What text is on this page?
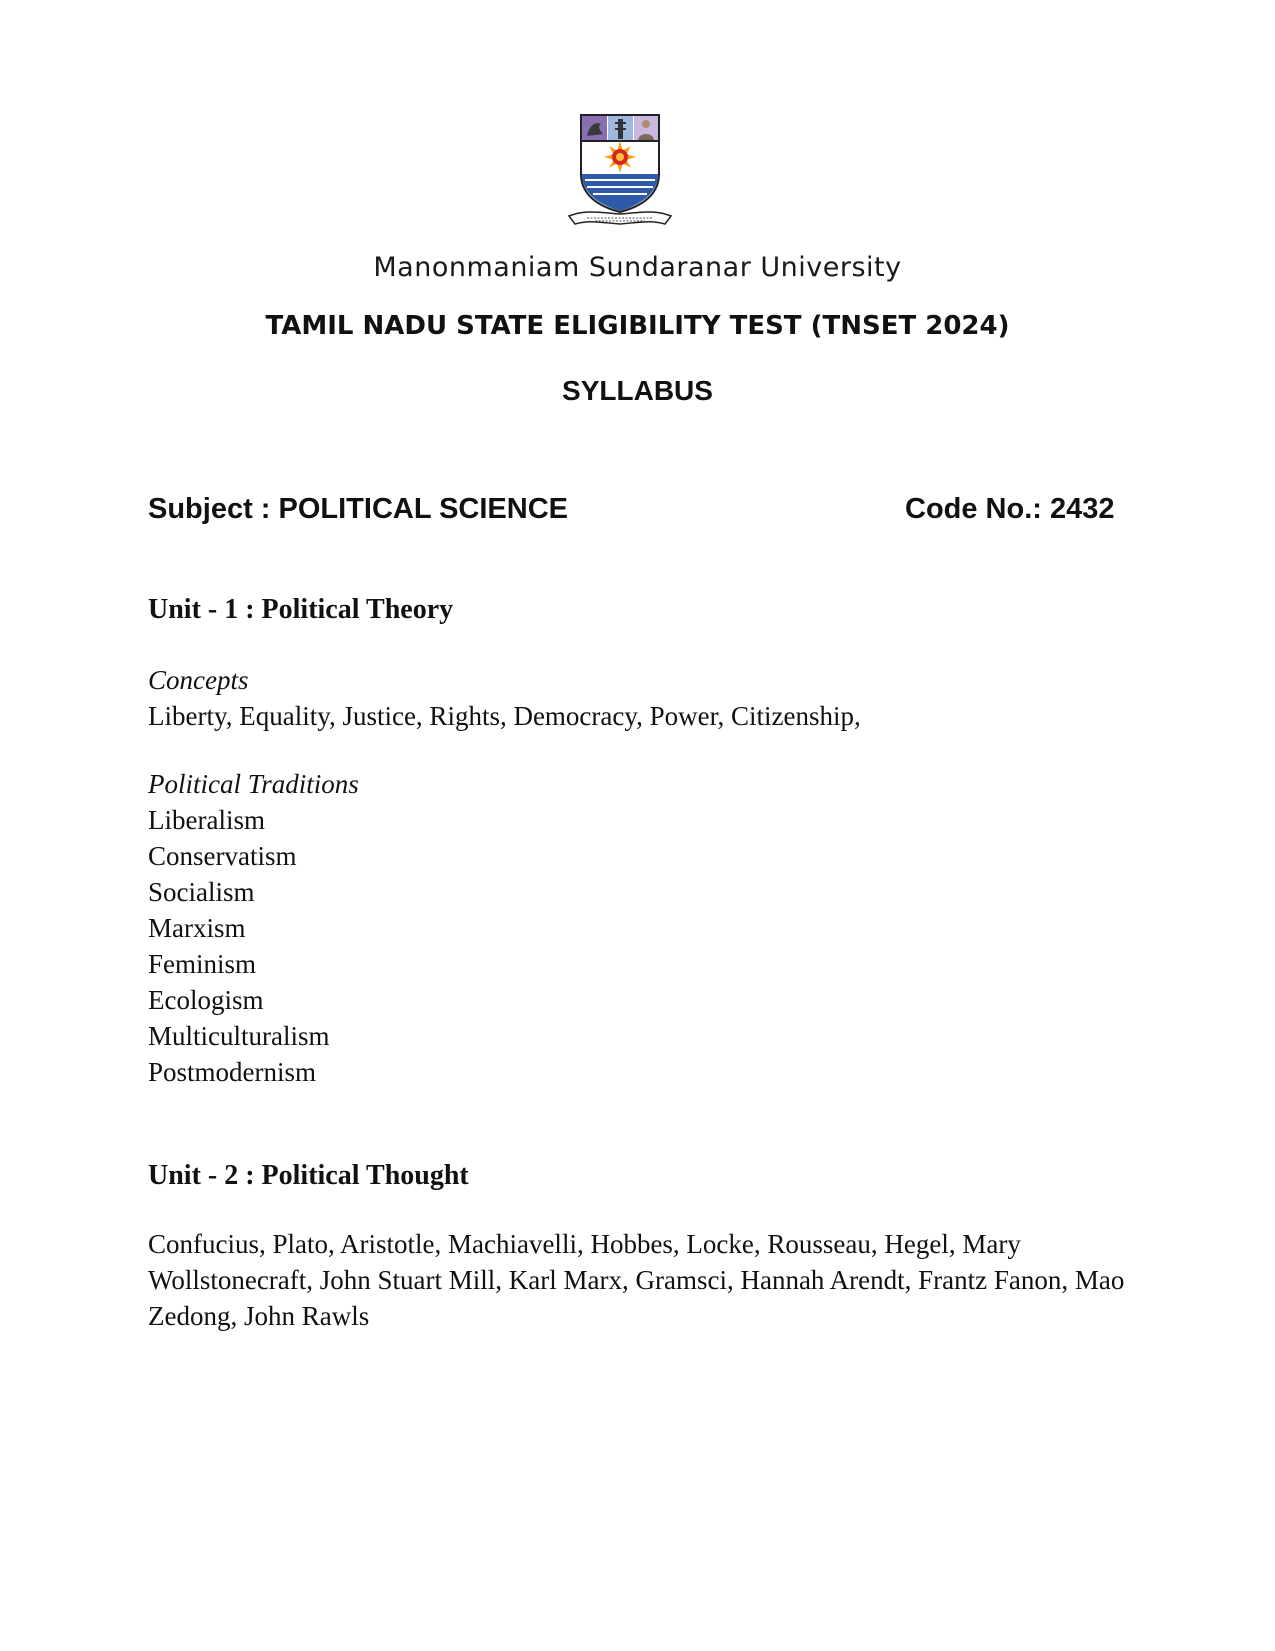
Manonmaniam Sundaranar University
TAMIL NADU STATE ELIGIBILITY TEST (TNSET 2024)
SYLLABUS
Subject : POLITICAL SCIENCE	Code No.: 2432

Unit - 1 : Political Theory

Concepts

Liberty, Equality, Justice, Rights, Democracy, Power, Citizenship,

Political Traditions

Liberalism
Conservatism
Socialism
Marxism
Feminism
Ecologism
Multiculturalism
Postmodernism

Unit - 2 : Political Thought

Confucius, Plato, Aristotle, Machiavelli, Hobbes, Locke, Rousseau, Hegel, Mary Wollstonecraft, John Stuart Mill, Karl Marx, Gramsci, Hannah Arendt, Frantz Fanon, Mao Zedong, John Rawls
